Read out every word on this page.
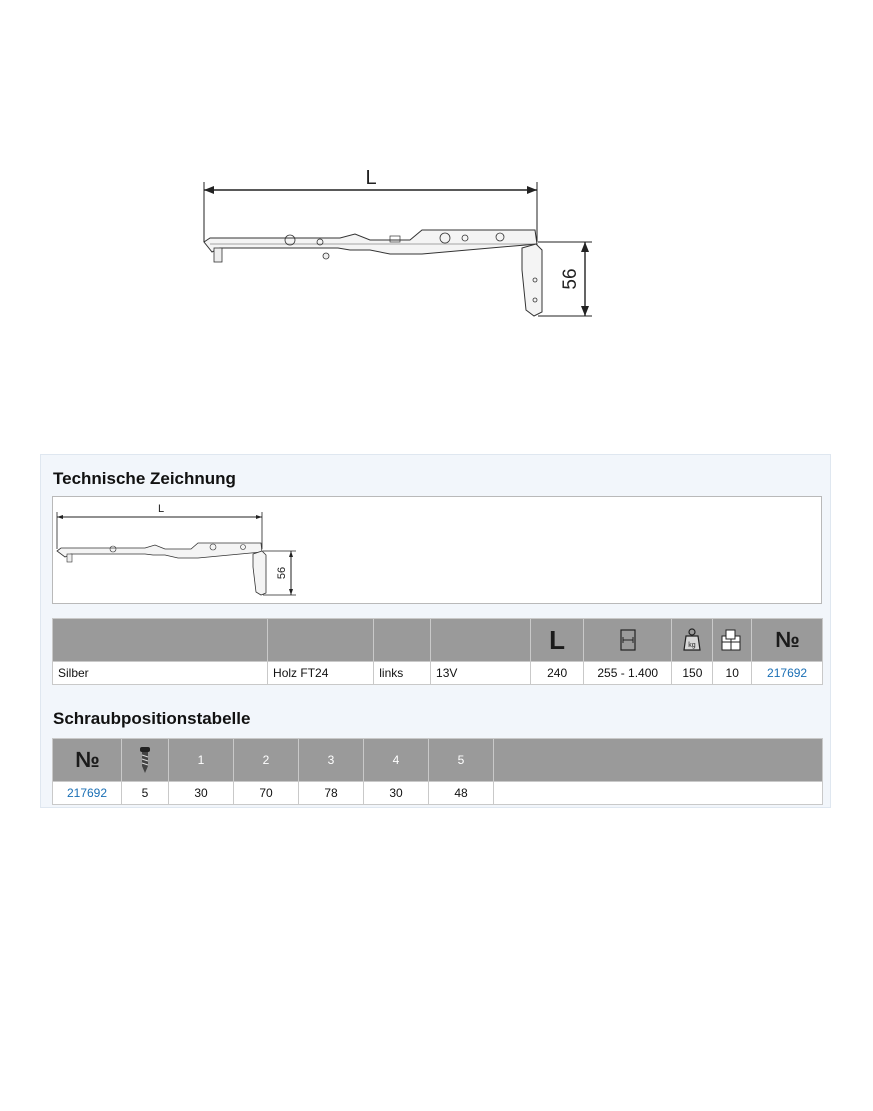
L
56
Technische Zeichnung
L
56

				L		kg		№

Silber	Holz FT24	links	13V	240	255 - 1.400	150	10	217692
Schraubpositionstabelle
№		1	2	3	4	5	
217692	5	30	70	78	30	48	
